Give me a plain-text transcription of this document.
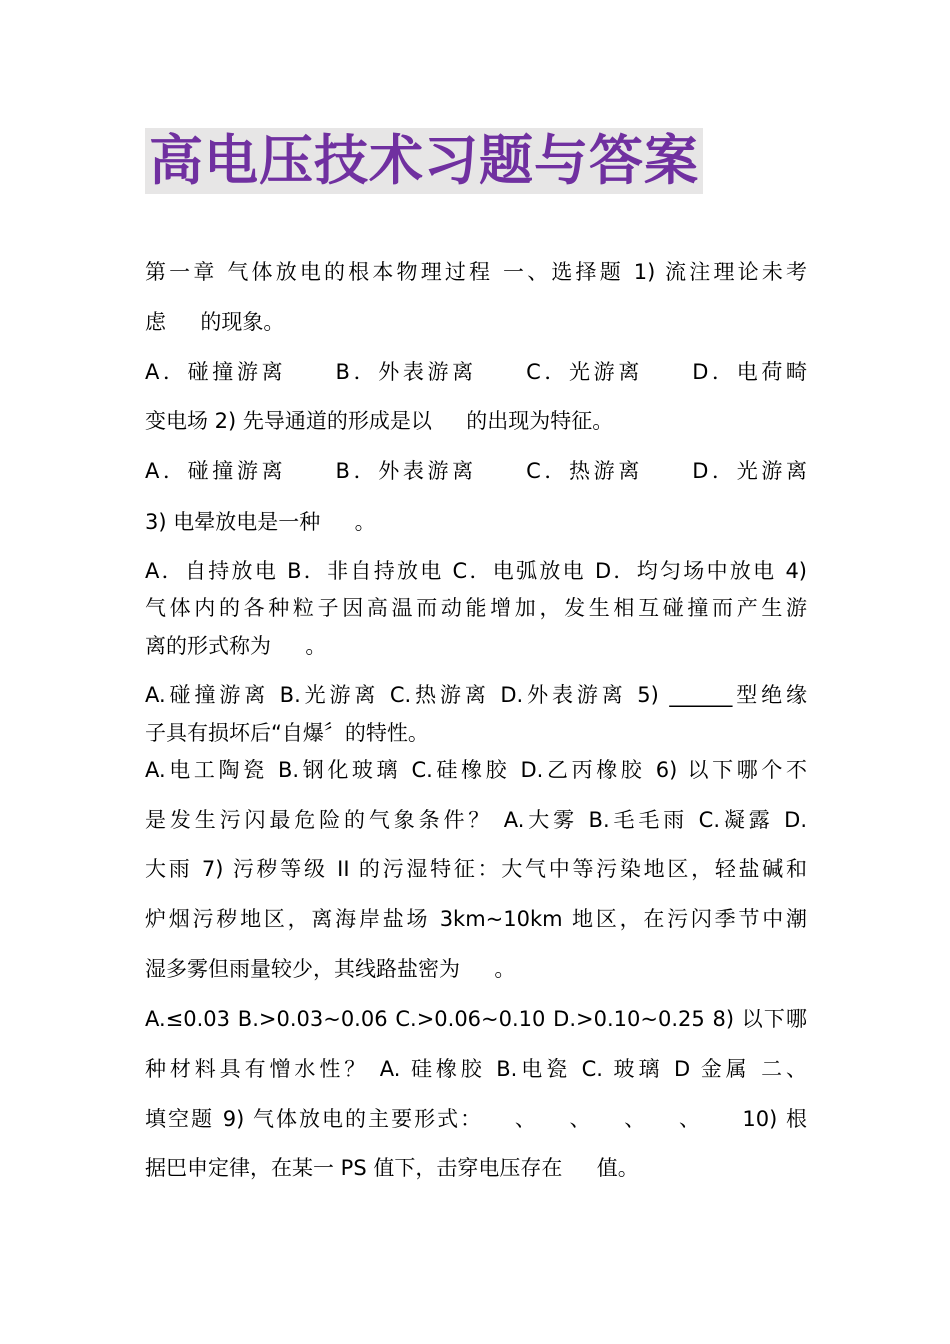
高电压技术习题与答案
第一章 气体放电的根本物理过程 一、选择题 1) 流注理论未考
虑 　 的现象。
A．碰撞游离　　B．外表游离　　C．光游离　　D．电荷畸
变电场 2) 先导通道的形成是以 　 的出现为特征。
A．碰撞游离　　B．外表游离　　C．热游离　　D．光游离
3) 电晕放电是一种 　 。
A．自持放电 B．非自持放电 C．电弧放电 D．均匀场中放电 4)
气体内的各种粒子因高温而动能增加，发生相互碰撞而产生游
离的形式称为 　 。
A.碰撞游离 B.光游离 C.热游离 D.外表游离 5) ______型绝缘
子具有损坏后“自爆〞的特性。
A.电工陶瓷 B.钢化玻璃 C.硅橡胶 D.乙丙橡胶 6) 以下哪个不
是发生污闪最危险的气象条件？ A.大雾 B.毛毛雨 C.凝露 D.
大雨 7) 污秽等级 II 的污湿特征：大气中等污染地区，轻盐碱和
炉烟污秽地区，离海岸盐场 3km~10km 地区，在污闪季节中潮
湿多雾但雨量较少，其线路盐密为 　 。
A.≤0.03 B.>0.03~0.06 C.>0.06~0.10 D.>0.10~0.25 8) 以下哪
种材料具有憎水性？ A. 硅橡胶 B.电瓷 C. 玻璃 D 金属 二、
填空题 9) 气体放电的主要形式： 　、 　、 　、 　、 　 10) 根
据巴申定律，在某一 PS 值下，击穿电压存在 　 值。
